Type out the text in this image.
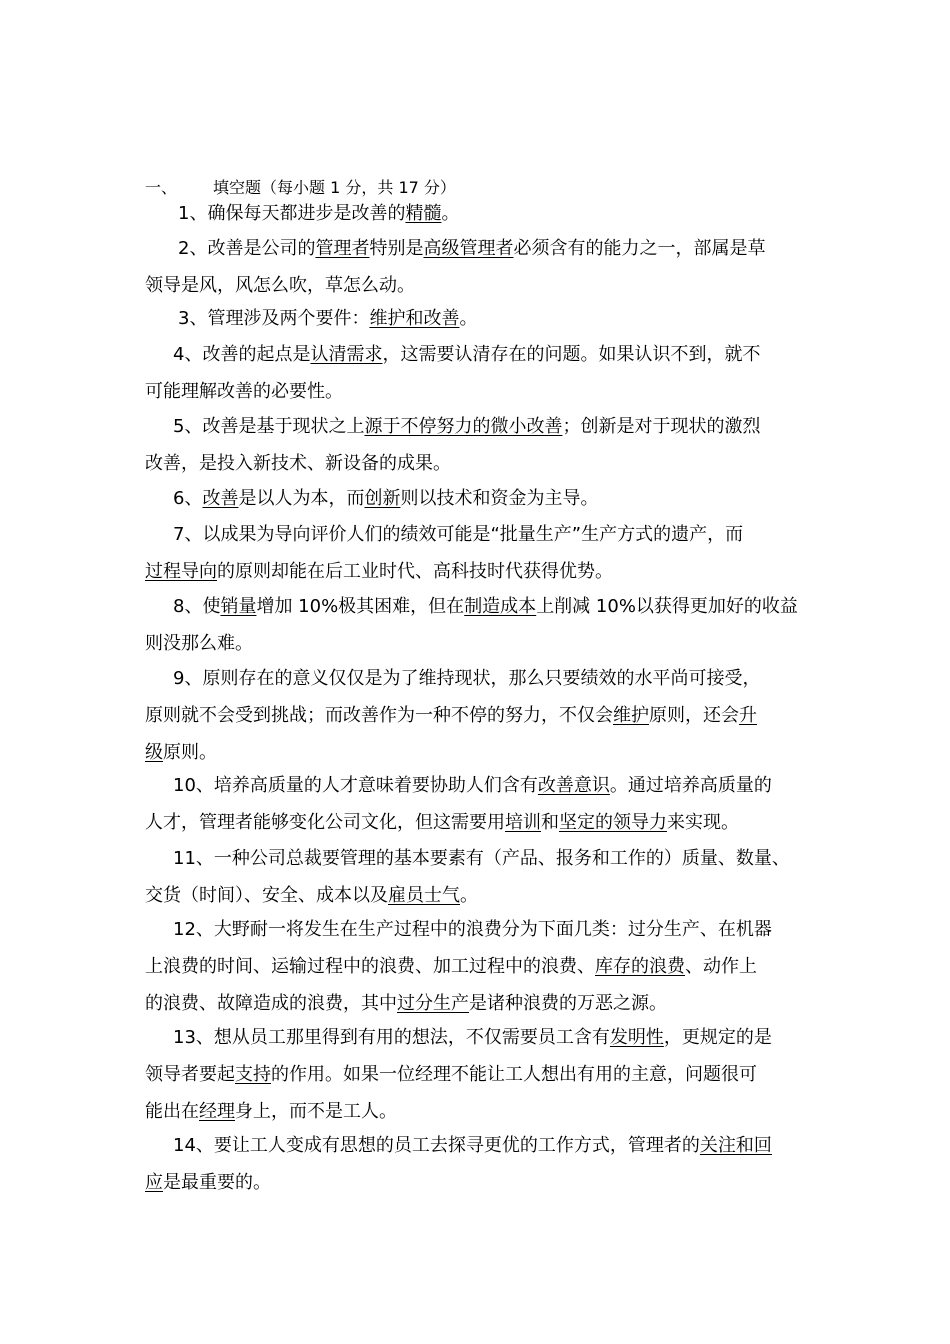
一、 填空题（每小题 1 分，共 17 分）
1、确保每天都进步是改善的精髓。
2、改善是公司的管理者特别是高级管理者必须含有的能力之一，部属是草
领导是风，风怎么吹，草怎么动。
3、管理涉及两个要件：维护和改善。
4、改善的起点是认清需求，这需要认清存在的问题。如果认识不到，就不
可能理解改善的必要性。
5、改善是基于现状之上源于不停努力的微小改善；创新是对于现状的激烈
改善，是投入新技术、新设备的成果。
6、改善是以人为本，而创新则以技术和资金为主导。
7、以成果为导向评价人们的绩效可能是“批量生产”生产方式的遗产，而
过程导向的原则却能在后工业时代、高科技时代获得优势。
8、使销量增加 10%极其困难，但在制造成本上削减 10%以获得更加好的收益
则没那么难。
9、原则存在的意义仅仅是为了维持现状，那么只要绩效的水平尚可接受，
原则就不会受到挑战；而改善作为一种不停的努力，不仅会维护原则，还会升
级原则。
10、培养高质量的人才意味着要协助人们含有改善意识。通过培养高质量的
人才，管理者能够变化公司文化，但这需要用培训和坚定的领导力来实现。
11、一种公司总裁要管理的基本要素有（产品、报务和工作的）质量、数量、
交货（时间）、安全、成本以及雇员士气。
12、大野耐一将发生在生产过程中的浪费分为下面几类：过分生产、在机器
上浪费的时间、运输过程中的浪费、加工过程中的浪费、库存的浪费、动作上
的浪费、故障造成的浪费，其中过分生产是诸种浪费的万恶之源。
13、想从员工那里得到有用的想法，不仅需要员工含有发明性，更规定的是
领导者要起支持的作用。如果一位经理不能让工人想出有用的主意，问题很可
能出在经理身上，而不是工人。
14、要让工人变成有思想的员工去探寻更优的工作方式，管理者的关注和回
应是最重要的。
